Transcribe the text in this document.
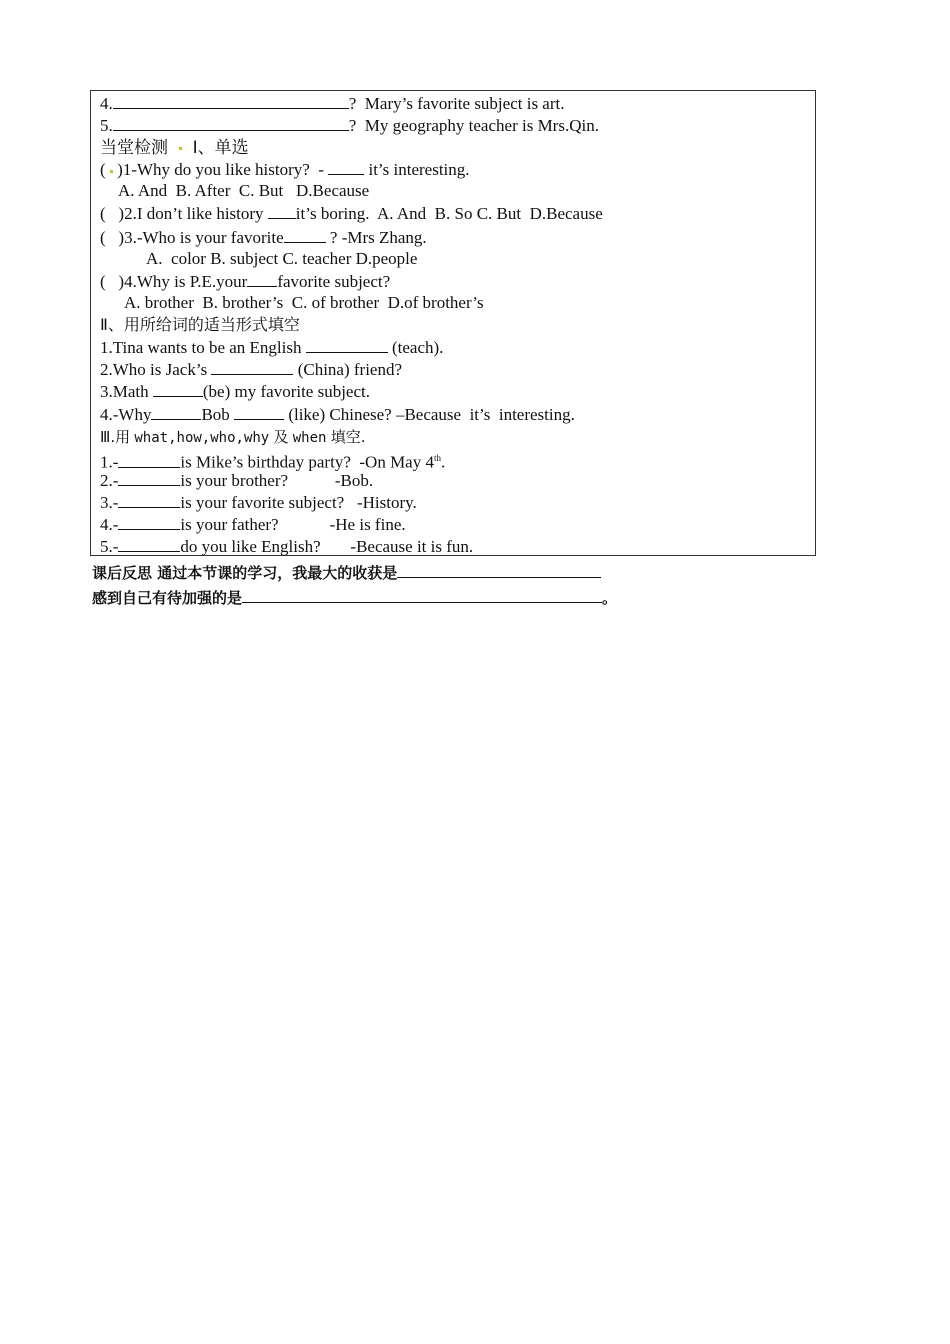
4.	? Mary’s favorite subject is art.
5.	? My geography teacher is Mrs.Qin.
当堂检测 Ⅰ、单选
( )1-Why do you like history? -	it’s interesting.
A. And  B. After  C. But   D.Because
( )2.I don’t like history it’s boring. A. And  B. So C. But  D.Because
( )3.-Who is your favorite	? -Mrs Zhang.
A.  color B. subject C. teacher D.people
( )4.Why is P.E.your favorite subject?
A. brother  B. brother’s  C. of brother  D.of brother’s
Ⅱ、用所给词的适当形式填空
1.Tina wants to be an English	(teach).
2.Who is Jack’s	(China) friend?
3.Math	(be) my favorite subject.
4.-Why	Bob	(like) Chinese? –Because  it’s  interesting.
Ⅲ.用 what,how,who,why 及 when 填空.
1.-	is Mike’s birthday party? -On May 4th.
2.-	is your brother?	-Bob.
3.-	is your favorite subject? -History.
4.-	is your father?	-He is fine.
5.-	do you like English? -Because it is fun.
课后反思 通过本节课的学习，我最大的收获是
感到自己有待加强的是	。
